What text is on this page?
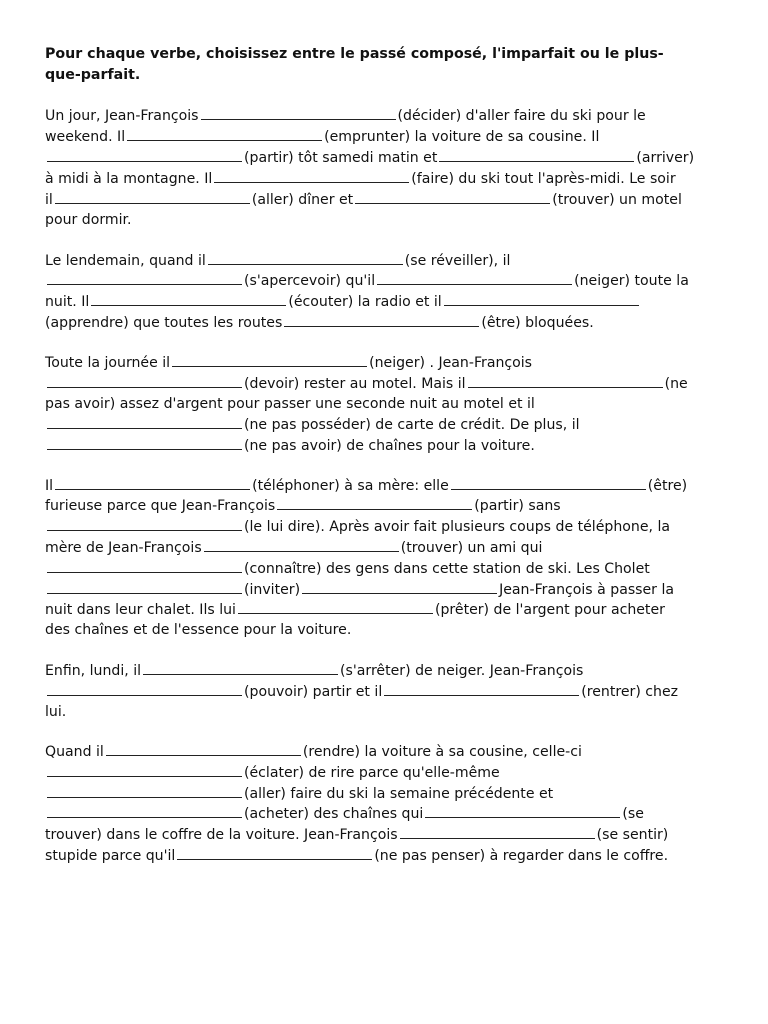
Pour chaque verbe, choisissez entre le passé composé, l'imparfait ou le plus-
que-parfait.
Un jour, Jean-François	(décider) d'aller faire du ski pour le
weekend. Il	(emprunter) la voiture de sa cousine. Il
(partir) tôt samedi matin et	(arriver)
à midi à la montagne. Il	(faire) du ski tout l'après-midi. Le soir
il	(aller) dîner et	(trouver) un motel
pour dormir.
Le lendemain, quand il	(se réveiller), il
(s'apercevoir) qu'il	(neiger) toute la
nuit. Il	(écouter) la radio et il
(apprendre) que toutes les routes	(être) bloquées.
Toute la journée il	(neiger) . Jean-François
(devoir) rester au motel. Mais il	(ne
pas avoir) assez d'argent pour passer une seconde nuit au motel et il
(ne pas posséder) de carte de crédit. De plus, il
(ne pas avoir) de chaînes pour la voiture.
Il	(téléphoner) à sa mère: elle	(être)
furieuse parce que Jean-François	(partir) sans
(le lui dire). Après avoir fait plusieurs coups de téléphone, la
mère de Jean-François	(trouver) un ami qui
(connaître) des gens dans cette station de ski. Les Cholet
(inviter)	Jean-François à passer la
nuit dans leur chalet. Ils lui	(prêter) de l'argent pour acheter
des chaînes et de l'essence pour la voiture.
Enfin, lundi, il	(s'arrêter) de neiger. Jean-François
(pouvoir) partir et il	(rentrer) chez
lui.
Quand il	(rendre) la voiture à sa cousine, celle-ci
(éclater) de rire parce qu'elle-même
(aller) faire du ski la semaine précédente et
(acheter) des chaînes qui	(se
trouver) dans le coffre de la voiture. Jean-François	(se sentir)
stupide parce qu'il	(ne pas penser) à regarder dans le coffre.
